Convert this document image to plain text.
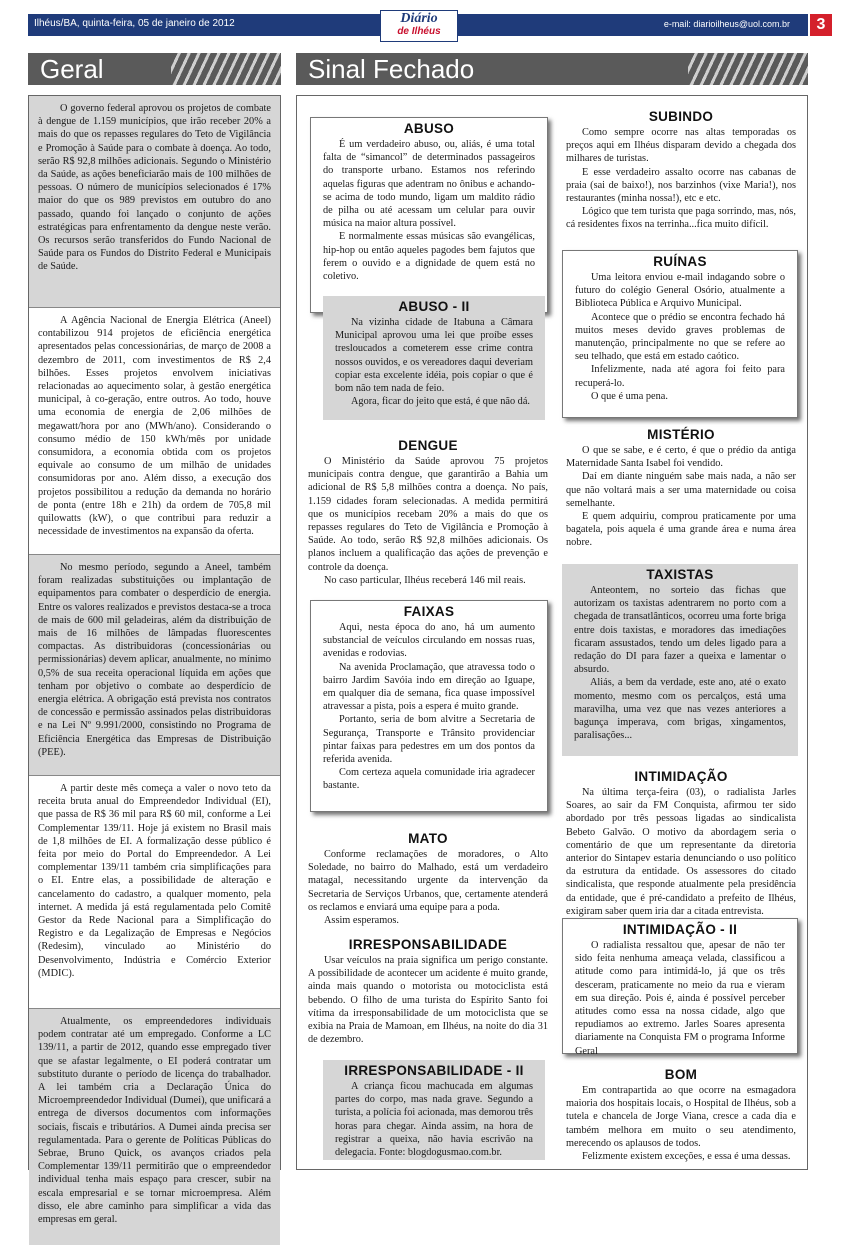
Ilhéus/BA, quinta-feira, 05 de janeiro de 2012	e-mail: diarioilheus@uol.com.br
Diário
de Ilhéus	3
Geral	Sinal Fechado

O governo federal aprovou os projetos de combate à dengue de 1.159 municípios, que irão receber 20% a mais do que os repasses regulares do Teto de Vigilância e Promoção à Saúde para o combate à doença. Ao todo, serão R$ 92,8 milhões adicionais. Segundo o Ministério da Saúde, as ações beneficiarão mais de 100 milhões de pessoas. O número de municípios selecionados é 17% maior do que os 989 previstos em outubro do ano passado, quando foi lançado o conjunto de ações estratégicas para enfrentamento da dengue neste verão. Os recursos serão transferidos do Fundo Nacional de Saúde para os Fundos do Distrito Federal e Municipais de Saúde.

A Agência Nacional de Energia Elétrica (Aneel) contabilizou 914 projetos de eficiência energética apresentados pelas concessionárias, de março de 2008 a dezembro de 2011, com investimentos de R$ 2,4 bilhões. Esses projetos envolvem iniciativas relacionadas ao aquecimento solar, à gestão energética municipal, à co-geração, entre outros. Ao todo, houve uma economia de energia de 2,06 milhões de megawatt/hora por ano (MWh/ano). Considerando o consumo médio de 150 kWh/mês por unidade consumidora, a economia obtida com os projetos equivale ao consumo de um milhão de unidades consumidoras por ano. Além disso, a execução dos projetos possibilitou a redução da demanda no horário de ponta (entre 18h e 21h) da ordem de 705,8 mil quilowatts (kW), o que contribui para reduzir a necessidade de investimentos na expansão da oferta.

No mesmo período, segundo a Aneel, também foram realizadas substituições ou implantação de equipamentos para combater o desperdício de energia. Entre os valores realizados e previstos destaca-se a troca de mais de 600 mil geladeiras, além da distribuição de mais de 16 milhões de lâmpadas fluorescentes compactas. As distribuidoras (concessionárias ou permissionárias) devem aplicar, anualmente, no mínimo 0,5% de sua receita operacional líquida em ações que tenham por objetivo o combate ao desperdício de energia elétrica. A obrigação está prevista nos contratos de concessão e permissão assinados pelas distribuidoras e na Lei Nº 9.991/2000, consistindo no Programa de Eficiência Energética das Empresas de Distribuição (PEE).

A partir deste mês começa a valer o novo teto da receita bruta anual do Empreendedor Individual (EI), que passa de R$ 36 mil para R$ 60 mil, conforme a Lei Complementar 139/11. Hoje já existem no Brasil mais de 1,8 milhões de EI. A formalização desse público é feita por meio do Portal do Empreendedor. A Lei complementar 139/11 também cria simplificações para o EI. Entre elas, a possibilidade de alteração e cancelamento do cadastro, a qualquer momento, pela internet. A medida já está regulamentada pelo Comitê Gestor da Rede Nacional para a Simplificação do Registro e da Legalização de Empresas e Negócios (Redesim), vinculado ao Ministério do Desenvolvimento, Indústria e Comércio Exterior (MDIC).

Atualmente, os empreendedores individuais podem contratar até um empregado. Conforme a LC 139/11, a partir de 2012, quando esse empregado tiver que se afastar legalmente, o EI poderá contratar um substituto durante o período de licença do trabalhador. A lei também cria a Declaração Única do Microempreendedor Individual (Dumei), que unificará a entrega de diversos documentos com informações sociais, fiscais e tributários. A Dumei ainda precisa ser regulamentada. Para o gerente de Políticas Públicas do Sebrae, Bruno Quick, os avanços criados pela Complementar 139/11 permitirão que o empreendedor individual tenha mais espaço para crescer, subir na escala empresarial e se tornar microempresa. Além disso, ele abre caminho para simplificar a vida das empresas em geral.

ABUSO

É um verdadeiro abuso, ou, aliás, é uma total falta de “simancol” de determinados passageiros do transporte urbano. Estamos nos referindo aquelas figuras que adentram no ônibus e achando-se acima de todo mundo, ligam um maldito rádio de pilha ou até acessam um celular para ouvir música na maior altura possível.

E normalmente essas músicas são evangélicas, hip-hop ou então aqueles pagodes bem fajutos que ferem o ouvido e a dignidade de quem está no coletivo.

ABUSO - II

Na vizinha cidade de Itabuna a Câmara Municipal aprovou uma lei que proíbe esses tresloucados a cometerem esse crime contra nossos ouvidos, e os vereadores daqui deveriam copiar esta excelente idéia, pois copiar o que é bom não tem nada de feio.

Agora, ficar do jeito que está, é que não dá.

DENGUE

O Ministério da Saúde aprovou 75 projetos municipais contra dengue, que garantirão a Bahia um adicional de R$ 5,8 milhões contra a doença. No país, 1.159 cidades foram selecionadas. A medida permitirá que os municípios recebam 20% a mais do que os repasses regulares do Teto de Vigilância e Promoção à Saúde. Ao todo, serão R$ 92,8 milhões adicionais. Os planos incluem a qualificação das ações de prevenção e controle da doença.

No caso particular, Ilhéus receberá 146 mil reais.

FAIXAS

Aqui, nesta época do ano, há um aumento substancial de veículos circulando em nossas ruas, avenidas e rodovias.

Na avenida Proclamação, que atravessa todo o bairro Jardim Savóia indo em direção ao Iguape, em qualquer dia de semana, fica quase impossível atravessar a pista, pois a espera é muito grande.

Portanto, seria de bom alvitre a Secretaria de Segurança, Transporte e Trânsito providenciar pintar faixas para pedestres em um dos pontos da referida avenida.

Com certeza aquela comunidade iria agradecer bastante.

MATO

Conforme reclamações de moradores, o Alto Soledade, no bairro do Malhado, está um verdadeiro matagal, necessitando urgente da intervenção da Secretaria de Serviços Urbanos, que, certamente atenderá os reclamos e enviará uma equipe para a poda.

Assim esperamos.

IRRESPONSABILIDADE

Usar veículos na praia significa um perigo constante. A possibilidade de acontecer um acidente é muito grande, ainda mais quando o motorista ou motociclista está bebendo. O filho de uma turista do Espírito Santo foi vítima da irresponsabilidade de um motociclista que se exibia na Praia de Mamoan, em Ilhéus, na noite do dia 31 de dezembro.

IRRESPONSABILIDADE - II

A criança ficou machucada em algumas partes do corpo, mas nada grave. Segundo a turista, a polícia foi acionada, mas demorou três horas para chegar. Ainda assim, na hora de registrar a queixa, não havia escrivão na delegacia. Fonte: blogdogusmao.com.br.

SUBINDO

Como sempre ocorre nas altas temporadas os preços aqui em Ilhéus disparam devido a chegada dos milhares de turistas.

E esse verdadeiro assalto ocorre nas cabanas de praia (sai de baixo!), nos barzinhos (vixe Maria!), nos restaurantes (minha nossa!), etc e etc.

Lógico que tem turista que paga sorrindo, mas, nós, cá residentes fixos na terrinha...fica muito difícil.

RUÍNAS

Uma leitora enviou e-mail indagando sobre o futuro do colégio General Osório, atualmente a Biblioteca Pública e Arquivo Municipal.

Acontece que o prédio se encontra fechado há muitos meses devido graves problemas de manutenção, principalmente no que se refere ao seu telhado, que está em estado caótico.

Infelizmente, nada até agora foi feito para recuperá-lo.

O que é uma pena.

MISTÉRIO

O que se sabe, e é certo, é que o prédio da antiga Maternidade Santa Isabel foi vendido.

Daí em diante ninguém sabe mais nada, a não ser que não voltará mais a ser uma maternidade ou coisa semelhante.

E quem adquiriu, comprou praticamente por uma bagatela, pois aquela é uma grande área e numa área nobre.

TAXISTAS

Anteontem, no sorteio das fichas que autorizam os taxistas adentrarem no porto com a chegada de transatlânticos, ocorreu uma forte briga entre dois taxistas, e moradores das imediações ficaram assustados, tendo um deles ligado para a redação do DI para fazer a queixa e lamentar o absurdo.

Aliás, a bem da verdade, este ano, até o exato momento, mesmo com os percalços, está uma maravilha, uma vez que nas vezes anteriores a bagunça imperava, com brigas, xingamentos, paralisações...

INTIMIDAÇÃO

Na última terça-feira (03), o radialista Jarles Soares, ao sair da FM Conquista, afirmou ter sido abordado por três pessoas ligadas ao sindicalista Bebeto Galvão. O motivo da abordagem seria o comentário de que um representante da diretoria anterior do Sintapev estaria denunciando o uso político da estrutura da entidade. Os assessores do citado sindicalista, que responde atualmente pela presidência da entidade, que é pré-candidato a prefeito de Ilhéus, exigiram saber quem iria dar a citada entrevista.

INTIMIDAÇÃO - II

O radialista ressaltou que, apesar de não ter sido feita nenhuma ameaça velada, classificou a atitude como para intimidá-lo, já que os três desceram, praticamente no meio da rua e vieram em sua direção. Pois é, ainda é possível perceber atitudes como essa na nossa cidade, algo que repudiamos ao extremo. Jarles Soares apresenta diariamente na Conquista FM o programa Informe Geral

BOM

Em contrapartida ao que ocorre na esmagadora maioria dos hospitais locais, o Hospital de Ilhéus, sob a tutela e chancela de Jorge Viana, cresce a cada dia e também melhora em muito o seu atendimento, merecendo os aplausos de todos.

Felizmente existem exceções, e essa é uma dessas.
